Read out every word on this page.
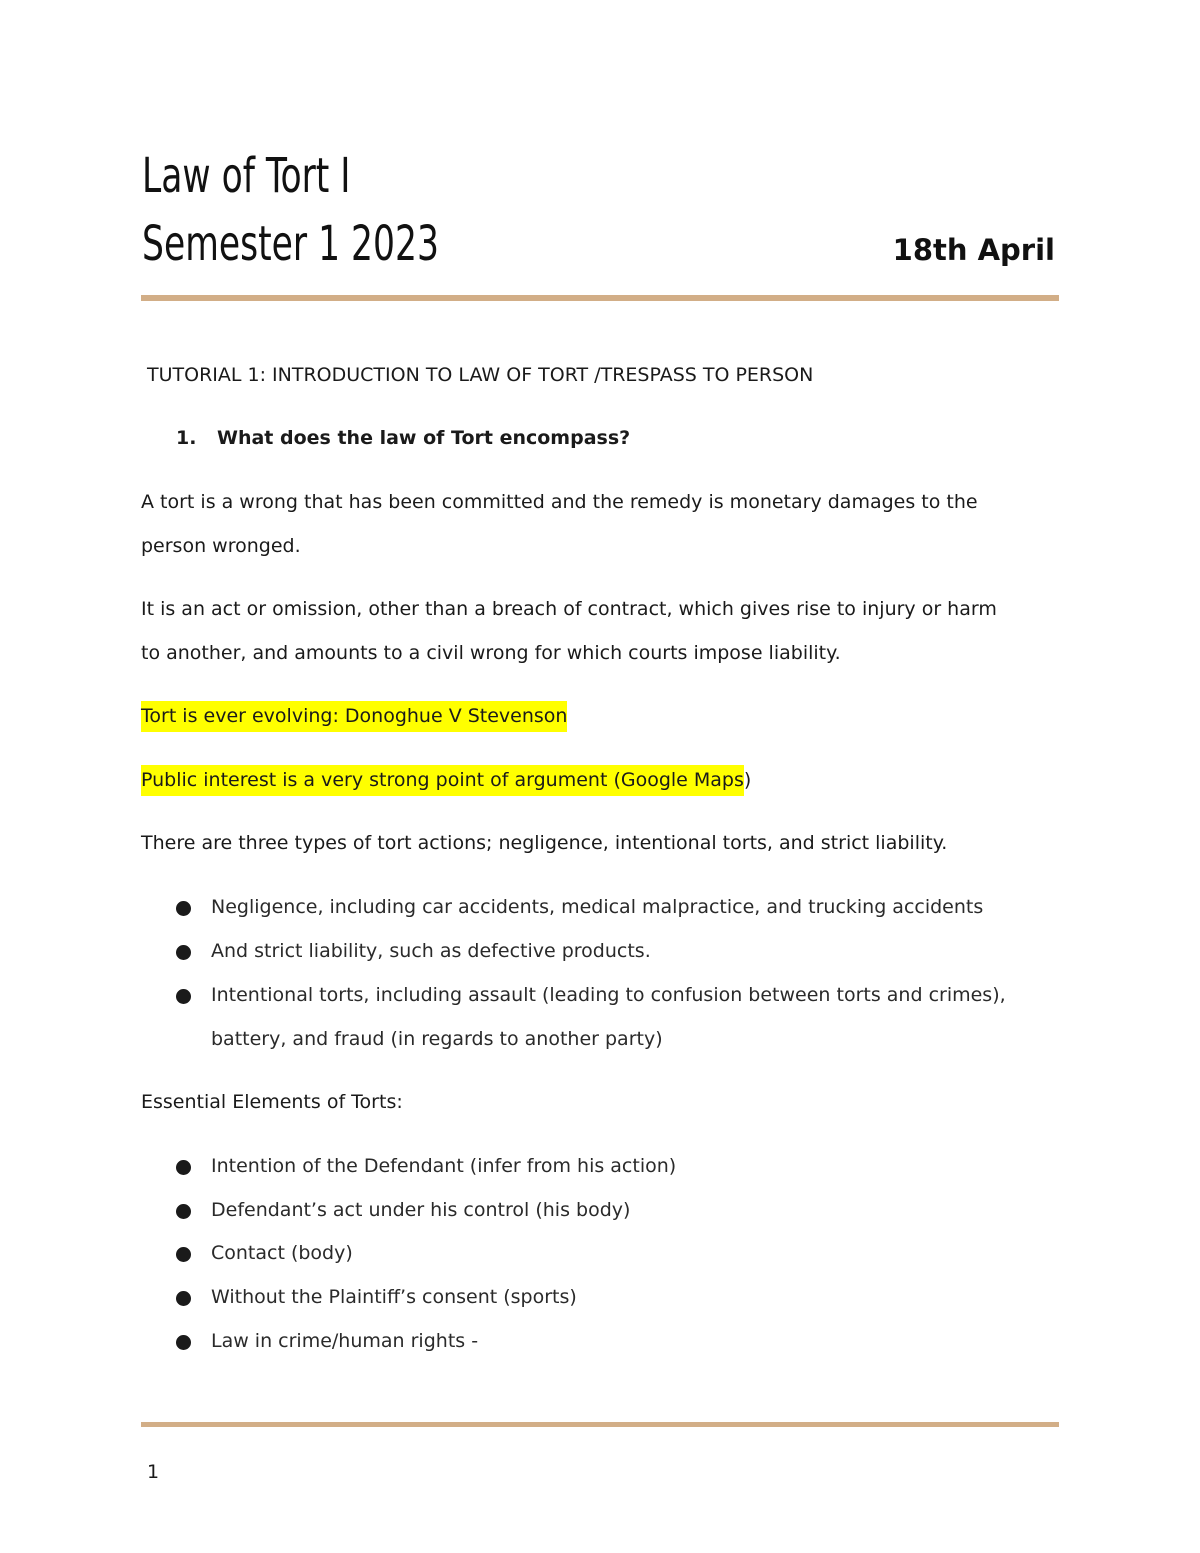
Law of Tort I
Semester 1 2023	18th April
TUTORIAL 1: INTRODUCTION TO LAW OF TORT /TRESPASS TO PERSON
1. What does the law of Tort encompass?
A tort is a wrong that has been committed and the remedy is monetary damages to the
person wronged.
It is an act or omission, other than a breach of contract, which gives rise to injury or harm
to another, and amounts to a civil wrong for which courts impose liability.
Tort is ever evolving: Donoghue V Stevenson
Public interest is a very strong point of argument (Google Maps)
There are three types of tort actions; negligence, intentional torts, and strict liability.
Negligence, including car accidents, medical malpractice, and trucking accidents
And strict liability, such as defective products.
Intentional torts, including assault (leading to confusion between torts and crimes),
battery, and fraud (in regards to another party)
Essential Elements of Torts:
Intention of the Defendant (infer from his action)
Defendant’s act under his control (his body)
Contact (body)
Without the Plaintiff’s consent (sports)
Law in crime/human rights -
1
